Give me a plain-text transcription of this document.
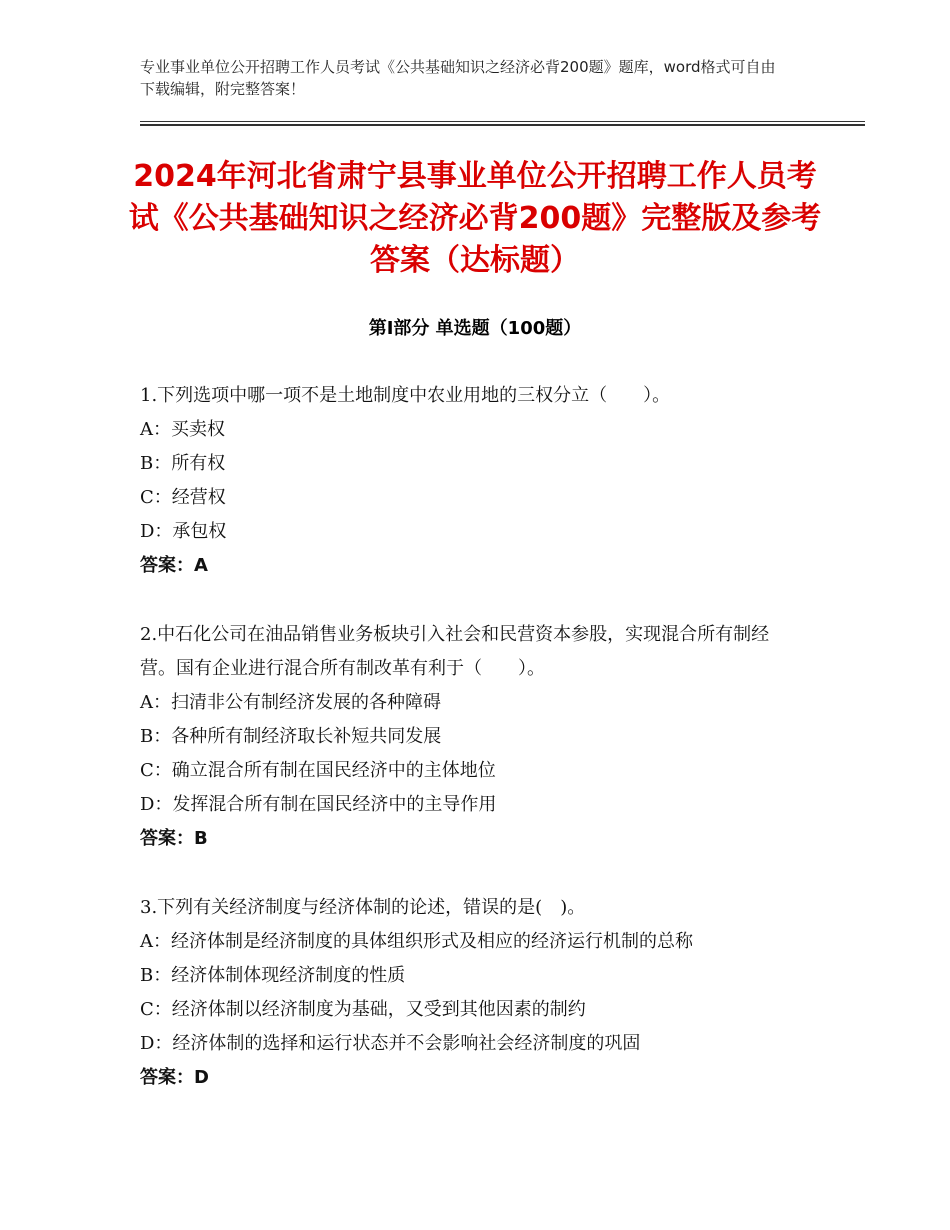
专业事业单位公开招聘工作人员考试《公共基础知识之经济必背200题》题库，word格式可自由下载编辑，附完整答案！
2024年河北省肃宁县事业单位公开招聘工作人员考试《公共基础知识之经济必背200题》完整版及参考答案（达标题）
第Ⅰ部分 单选题（100题）
1.下列选项中哪一项不是土地制度中农业用地的三权分立（　　）。
A：买卖权
B：所有权
C：经营权
D：承包权
答案：A
2.中石化公司在油品销售业务板块引入社会和民营资本参股，实现混合所有制经营。国有企业进行混合所有制改革有利于（　　）。
A：扫清非公有制经济发展的各种障碍
B：各种所有制经济取长补短共同发展
C：确立混合所有制在国民经济中的主体地位
D：发挥混合所有制在国民经济中的主导作用
答案：B
3.下列有关经济制度与经济体制的论述，错误的是(　)。
A：经济体制是经济制度的具体组织形式及相应的经济运行机制的总称
B：经济体制体现经济制度的性质
C：经济体制以经济制度为基础，又受到其他因素的制约
D：经济体制的选择和运行状态并不会影响社会经济制度的巩固
答案：D
